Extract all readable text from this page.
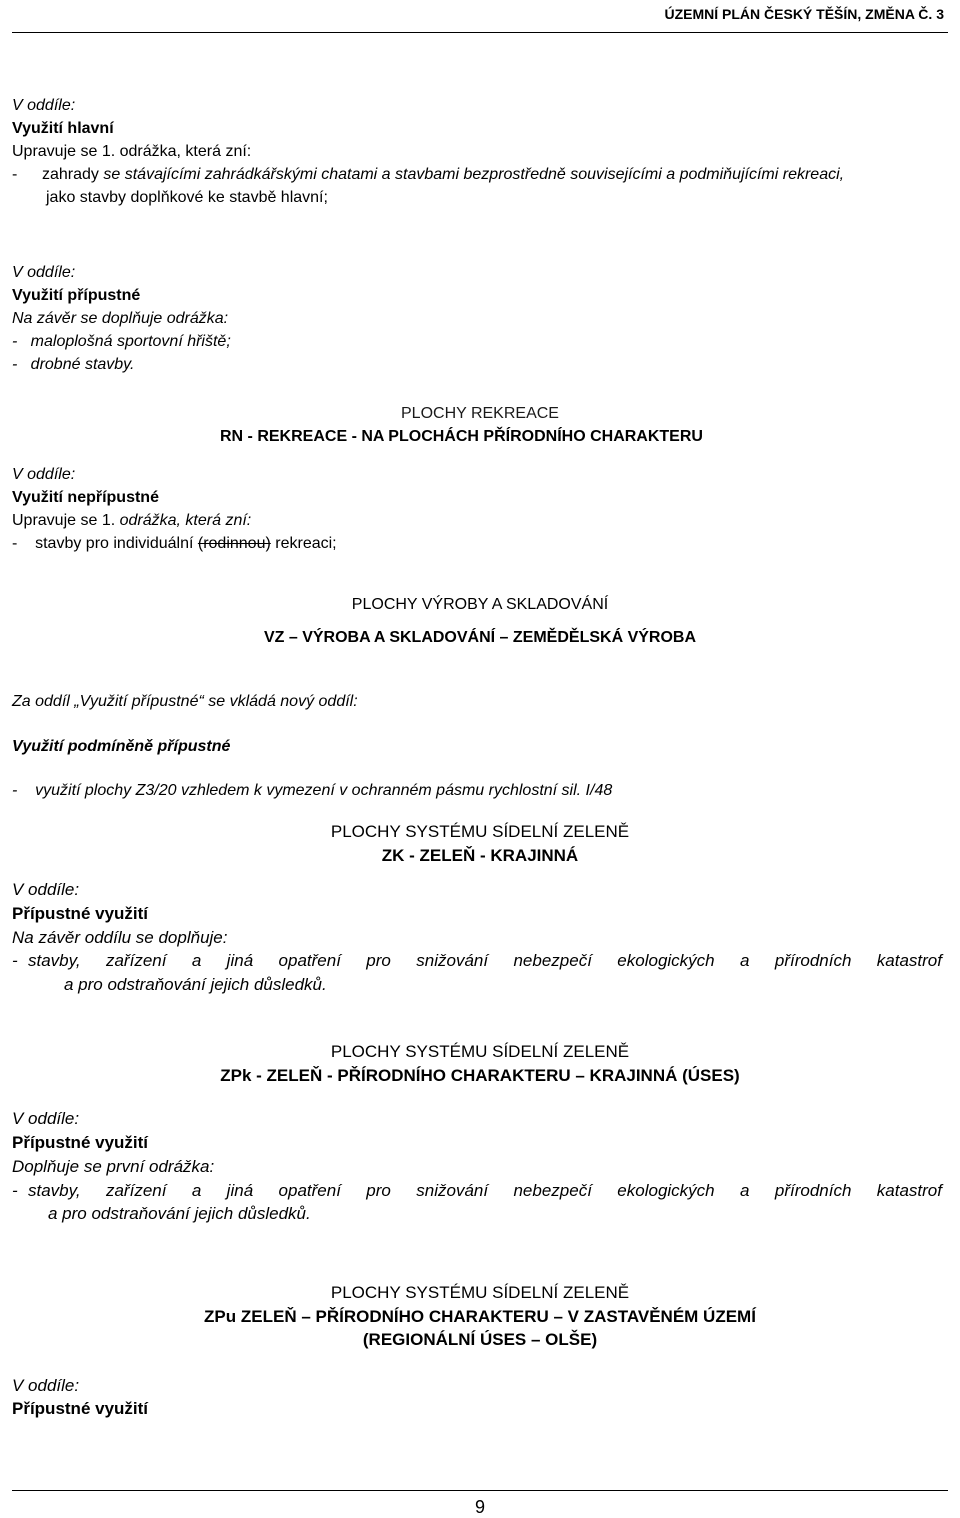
ÚZEMNÍ PLÁN ČESKÝ TĚŠÍN, ZMĚNA Č. 3
V oddíle:
Využití hlavní
Upravuje se 1. odrážka, která zní:
- zahrady se stávajícími zahrádkářskými chatami a stavbami bezprostředně souvisejícími a podmiňujícími rekreaci,
jako stavby doplňkové ke stavbě hlavní;
V oddíle:
Využití přípustné
Na závěr se doplňuje odrážka:
-   maloplošná sportovní hřiště;
-   drobné stavby.
PLOCHY REKREACE
RN - REKREACE - NA PLOCHÁCH PŘÍRODNÍHO CHARAKTERU
V oddíle:
Využití nepřípustné
Upravuje se 1. odrážka, která zní:
-    stavby pro individuální (rodinnou) rekreaci;
PLOCHY VÝROBY A SKLADOVÁNÍ
VZ – VÝROBA A SKLADOVÁNÍ – ZEMĚDĚLSKÁ VÝROBA
Za oddíl „Využití přípustné“ se vkládá nový oddíl:
Využití podmíněně přípustné
-    využití plochy Z3/20 vzhledem k vymezení v ochranném pásmu rychlostní sil. I/48
PLOCHY SYSTÉMU SÍDELNÍ ZELENĚ
ZK - ZELEŇ - KRAJINNÁ
V oddíle:
Přípustné využití
Na závěr oddílu se doplňuje:
- stavby, zařízení a jiná opatření pro snižování nebezpečí ekologických a přírodních katastrof
a pro odstraňování jejich důsledků.
PLOCHY SYSTÉMU SÍDELNÍ ZELENĚ
ZPk - ZELEŇ - PŘÍRODNÍHO CHARAKTERU – KRAJINNÁ (ÚSES)
V oddíle:
Přípustné využití
Doplňuje se první odrážka:
- stavby, zařízení a jiná opatření pro snižování nebezpečí ekologických a přírodních katastrof
a pro odstraňování jejich důsledků.
PLOCHY SYSTÉMU SÍDELNÍ ZELENĚ
ZPu ZELEŇ – PŘÍRODNÍHO CHARAKTERU – V ZASTAVĚNÉM ÚZEMÍ
(REGIONÁLNÍ ÚSES – OLŠE)
V oddíle:
Přípustné využití
9
